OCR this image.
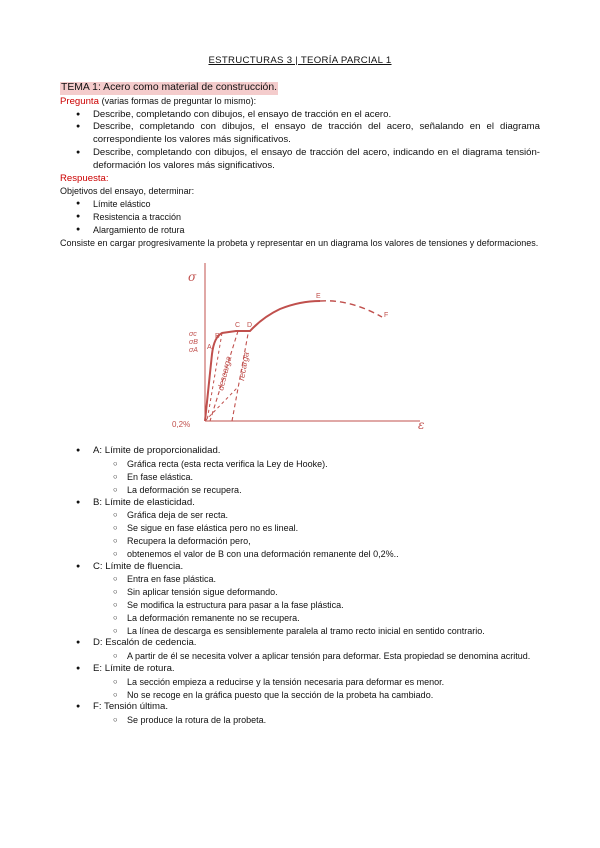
ESTRUCTURAS 3 | TEORÍA PARCIAL 1
TEMA 1: Acero como material de construcción.
Pregunta (varias formas de preguntar lo mismo):
● Describe, completando con dibujos, el ensayo de tracción en el acero.
● Describe, completando con dibujos, el ensayo de tracción del acero, señalando en el diagrama correspondiente los valores más significativos.
● Describe, completando con dibujos, el ensayo de tracción del acero, indicando en el diagrama tensión-deformación los valores más significativos.
Respuesta:
Objetivos del ensayo, determinar:
● Límite elástico
● Resistencia a tracción
● Alargamiento de rotura
Consiste en cargar progresivamente la probeta y representar en un diagrama los valores de tensiones y deformaciones.
σ
ε
0,2%
σc
σB
σA A
B
C D
E
F
descarga recarga
● A: Límite de proporcionalidad.
○ Gráfica recta (esta recta verifica la Ley de Hooke).
○ En fase elástica.
○ La deformación se recupera.
● B: Límite de elasticidad.
○ Gráfica deja de ser recta.
○ Se sigue en fase elástica pero no es lineal.
○ Recupera la deformación pero,
○ obtenemos el valor de B con una deformación remanente del 0,2%..
● C: Límite de fluencia.
○ Entra en fase plástica.
○ Sin aplicar tensión sigue deformando.
○ Se modifica la estructura para pasar a la fase plástica.
○ La deformación remanente no se recupera.
○ La línea de descarga es sensiblemente paralela al tramo recto inicial en sentido contrario.
● D: Escalón de cedencia.
○ A partir de él se necesita volver a aplicar tensión para deformar. Esta propiedad se denomina acritud.
● E: Límite de rotura.
○ La sección empieza a reducirse y la tensión necesaria para deformar es menor.
○ No se recoge en la gráfica puesto que la sección de la probeta ha cambiado.
● F: Tensión última.
○ Se produce la rotura de la probeta.
